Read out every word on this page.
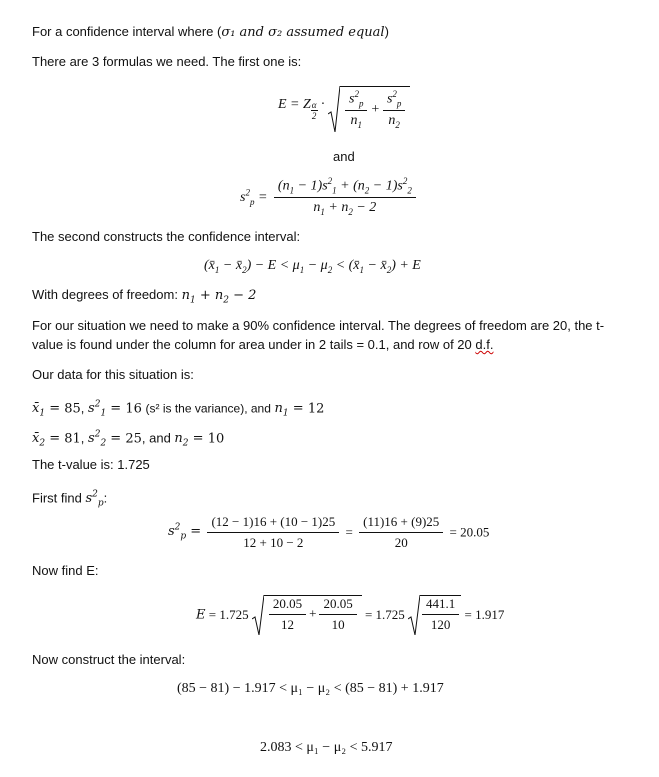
For a confidence interval where (σ₁ and σ₂ assumed equal)
There are 3 formulas we need. The first one is:
E = Z $_{\frac{\alpha}{2}} \cdot \frac{s^2_p}{n_1} + \frac{s^2_p}{n_2}$
and
$s^2_p = \frac{(n_1 - 1)s^2_1 + (n_2 - 1)s^2_2}{n_1 + n_2 - 2}$
The second constructs the confidence interval:
($x̄_1$ − $x̄_2) - E < \mu_1 - \mu_2$ < ($x̄_1$ − $x̄_2) + E$
With degrees of freedom: $n_1 + n_2 - 2$
For our situation we need to make a 90% confidence interval. The degrees of freedom are 20, the t-
value is found under the column for area under in 2 tails = 0.1, and row of 20 d.f.
Our data for this situation is:
$x̄_1 = 85$, $s^2_1 = 16$ (s² is the variance), and $n_1 = 12$
$x̄_2 = 81$, $s^2_2 = 25$, and $n_2 = 10$
The t-value is: 1.725
First find $s^2_p$:
$s^2_p = \frac{(12 - 1)16 + (10 - 1)25}{12 + 10 - 2} = \frac{(11)16 + (9)25}{20} = 20.05$
Now find E:
$E = 1.725 \frac{20.05}{12} + \frac{20.05}{10} = 1.725 \frac{441.1}{120} = 1.917$
Now construct the interval:
(85 − 81) − 1.917 < μ₁ − μ₂ < (85 − 81) + 1.917
2.083 < μ₁ − μ₂ < 5.917
